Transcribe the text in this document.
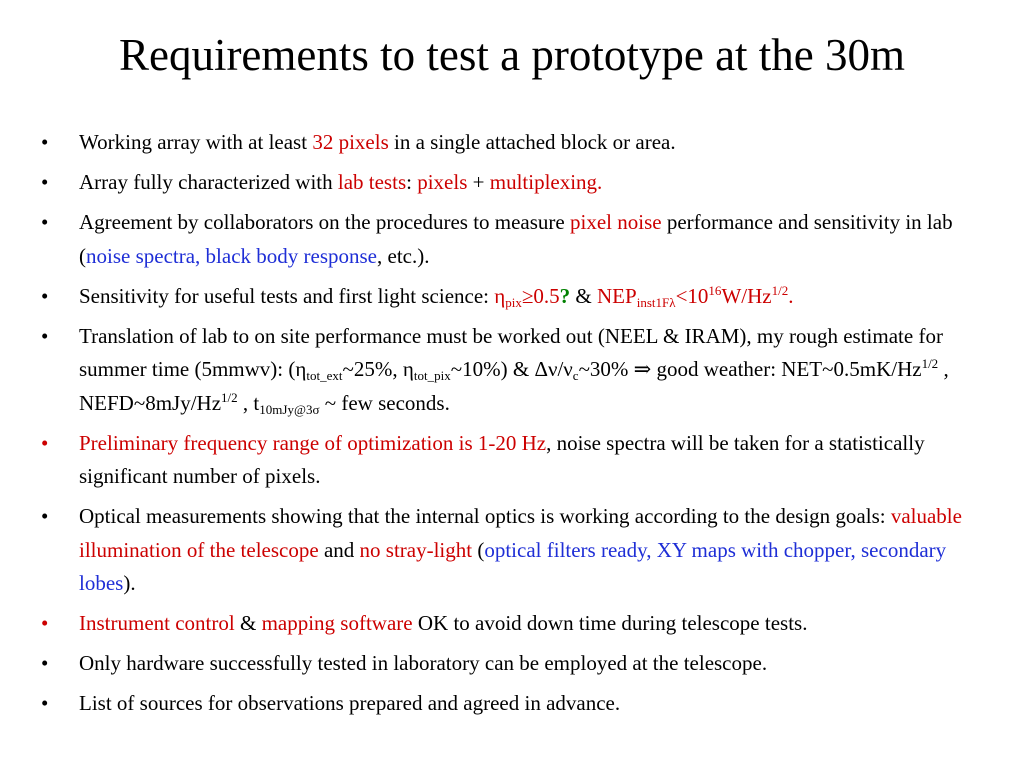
Requirements to test a prototype at the 30m
• Working array with at least 32 pixels in a single attached block or area.
• Array fully characterized with lab tests: pixels + multiplexing.
• Agreement by collaborators on the procedures to measure pixel noise performance and sensitivity in lab (noise spectra, black body response, etc.).
• Sensitivity for useful tests and first light science: $\eta_{pix}\ge 0.5$? & $NEP_{inst1F\lambda}<10^{16}W/Hz^{1/2}$.
• Translation of lab to on site performance must be worked out (NEEL & IRAM), my rough estimate for summer time (5mmwv): ($\eta_{tot\_ext}\sim 25\%$, $\eta_{tot\_pix}\sim 10\%$) & $\Delta\nu/\nu_c\sim 30\%$ ⇒ good weather: $NET\sim 0.5mK/Hz^{1/2}$ , $NEFD\sim 8mJy/Hz^{1/2}$ , $t_{10mJy@3\sigma}$ ~ few seconds.
• Preliminary frequency range of optimization is 1-20 Hz, noise spectra will be taken for a statistically significant number of pixels.
• Optical measurements showing that the internal optics is working according to the design goals: valuable illumination of the telescope and no stray-light (optical filters ready, XY maps with chopper, secondary lobes).
• Instrument control & mapping software OK to avoid down time during telescope tests.
• Only hardware successfully tested in laboratory can be employed at the telescope.
• List of sources for observations prepared and agreed in advance.
